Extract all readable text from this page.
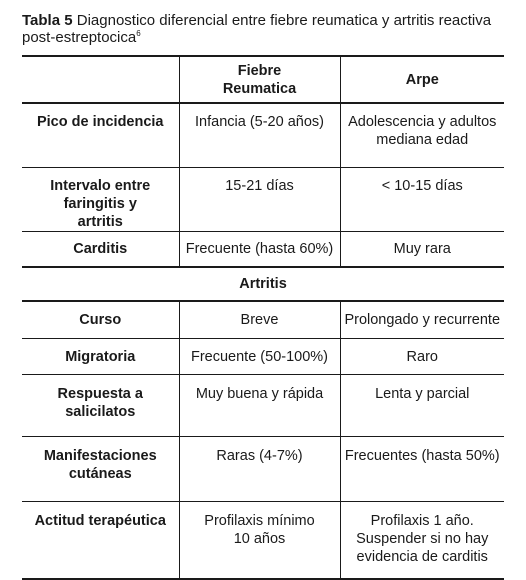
Tabla 5 Diagnostico diferencial entre fiebre reumatica y artritis reactiva post-estreptocica$^6$
	Fiebre Reumatica	Arpe
Pico de incidencia	Infancia (5-20 años)	Adolescencia y adultos mediana edad
Intervalo entre faringitis y artritis	15-21 días	< 10-15 días
Carditis	Frecuente (hasta 60%)	Muy rara
Artritis		
Curso	Breve	Prolongado y recurrente
Migratoria	Frecuente (50-100%)	Raro
Respuesta a salicilatos	Muy buena y rápida	Lenta y parcial
Manifestaciones cutáneas	Raras (4-7%)	Frecuentes (hasta 50%)
Actitud terapéutica	Profilaxis mínimo 10 años	Profilaxis 1 año. Suspender si no hay evidencia de carditis
